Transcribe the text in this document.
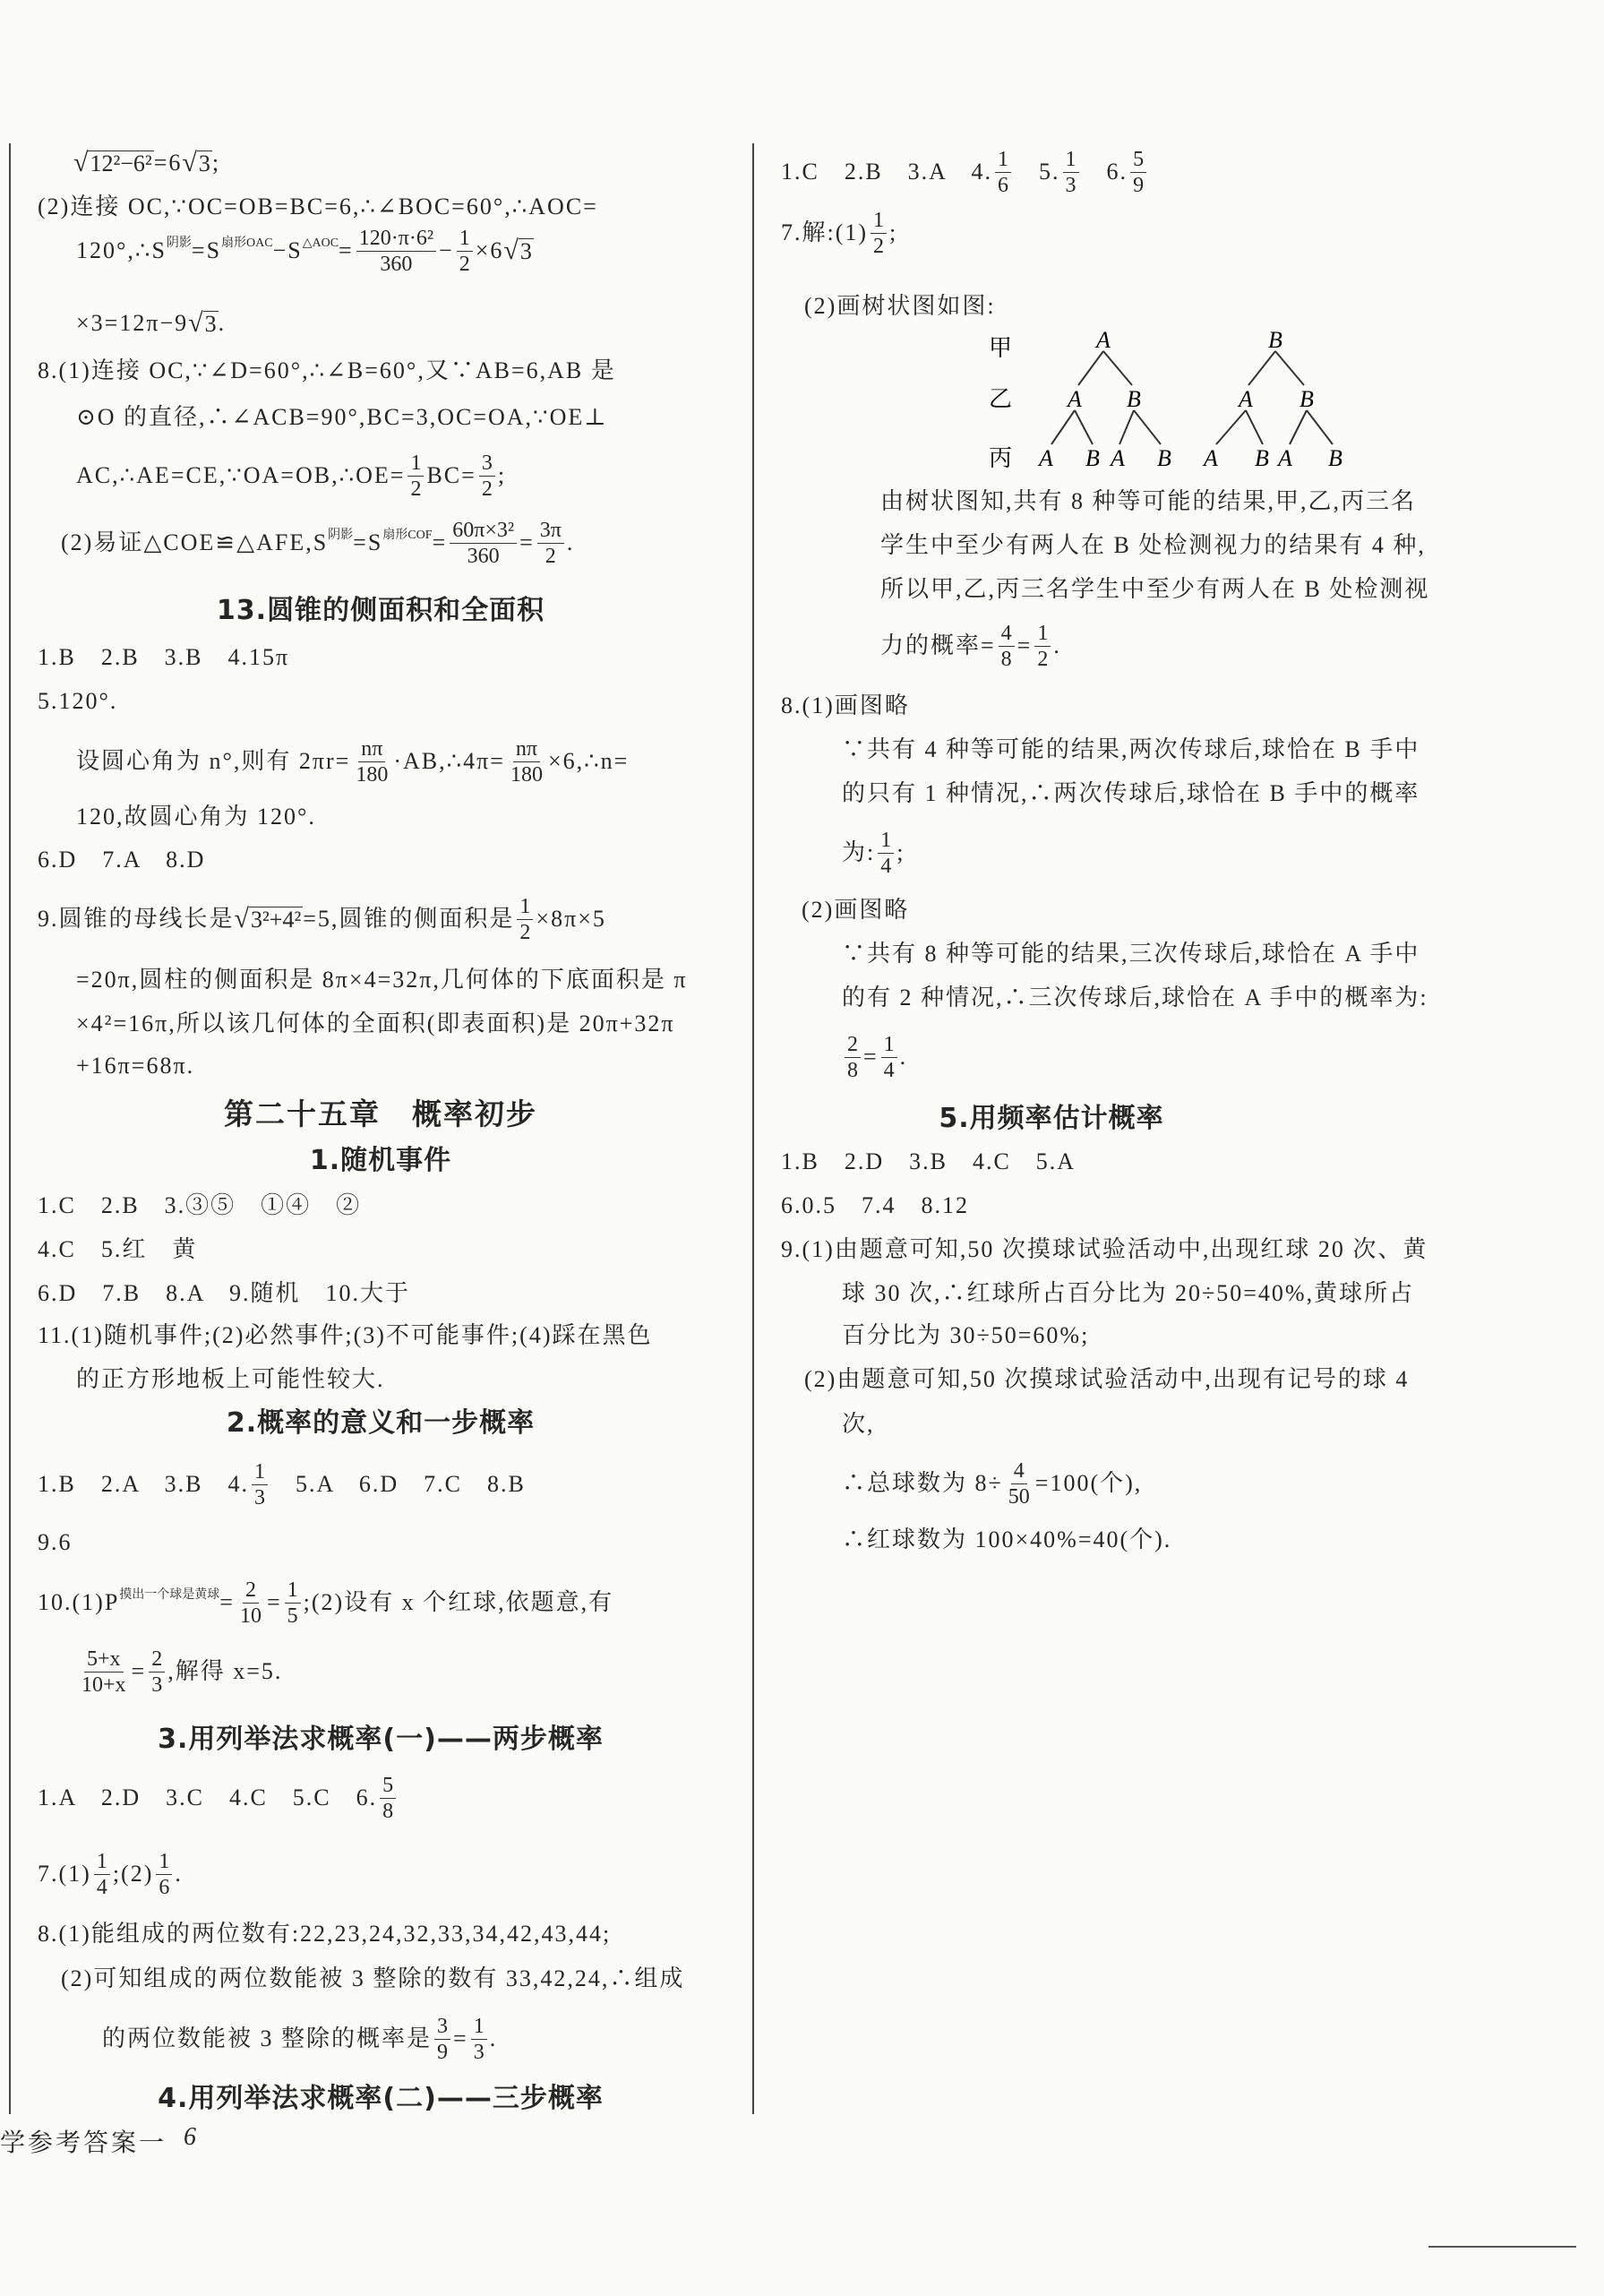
√ 12²−6² =6 √ 3 ;
(2)连接 OC,∵OC=OB=BC=6,∴∠BOC=60°,∴AOC=
120°,∴S 阴影 =S 扇形OAC −S △AOC = $\frac{\text{120·π·6²}}{360} - \frac{1}{2} \times 6$ √ 3
×3=12π−9 √ 3 .
8.(1)连接 OC,∵∠D=60°,∴∠B=60°,又∵AB=6,AB 是
⊙O 的直径,∴∠ACB=90°,BC=3,OC=OA,∵OE⊥
AC,∴AE=CE,∵OA=OB,∴OE= $\frac{1}{2} BC= \frac{3}{2}$ ;
(2)易证△COE≌△AFE,S 阴影 =S 扇形COF = $\frac{\text{60π×3²}}{360} = \frac{3\pi}{2}$ .
13.圆锥的侧面积和全面积
1.B　2.B　3.B　4.15π
5.120°.
设圆心角为 n°,则有 $2\pi r= \frac{n\pi}{180}$ ·AB,∴4π= $\frac{n\pi}{180}$ ×6,∴n=
120,故圆心角为 120°.
6.D　7.A　8.D
9.圆锥的母线长是 √ 3²+4² =5,圆锥的侧面积是 $\frac{1}{2} \times 8\pi\times 5$
=20π,圆柱的侧面积是 8π×4=32π,几何体的下底面积是 π
×4²=16π,所以该几何体的全面积(即表面积)是 20π+32π
+16π=68π.
第二十五章　概率初步
1.随机事件
1.C　2.B　3.③⑤　①④　②
4.C　5.红　黄
6.D　7.B　8.A　9.随机　10.大于
11.(1)随机事件;(2)必然事件;(3)不可能事件;(4)踩在黑色
的正方形地板上可能性较大.
2.概率的意义和一步概率
1.B　2.A　3.B　4. $\frac{1}{3}$ 　5.A　6.D　7.C　8.B
9.6
10.(1)P 摸出一个球是黄球 = $\frac{2}{10} = \frac{1}{5}$ ;(2)设有 x 个红球,依题意,有
$\frac{5+x}{10+x} = \frac{2}{3}$ ,解得 x=5.
3.用列举法求概率(一)——两步概率
1.A　2.D　3.C　4.C　5.C　6. $\frac{5}{8}$
$7.(1) \frac{1}{4}$ ;(2) $\frac{1}{6}$ .
8.(1)能组成的两位数有:22,23,24,32,33,34,42,43,44;
(2)可知组成的两位数能被 3 整除的数有 33,42,24,∴组成
的两位数能被 3 整除的概率是 $\frac{3}{9} = \frac{1}{3}$ .
4.用列举法求概率(二)——三步概率
1.C　2.B　3.A　4. $\frac{1}{6}$ 　5. $\frac{1}{3}$ 　6. $\frac{5}{9}$
7.解:(1) $\frac{1}{2}$ ;
(2)画树状图如图:
由树状图知,共有 8 种等可能的结果,甲,乙,丙三名
学生中至少有两人在 B 处检测视力的结果有 4 种,
所以甲,乙,丙三名学生中至少有两人在 B 处检测视
力的概率= $\frac{4}{8} = \frac{1}{2}$ .
8.(1)画图略
∵共有 4 种等可能的结果,两次传球后,球恰在 B 手中
的只有 1 种情况,∴两次传球后,球恰在 B 手中的概率
为: $\frac{1}{4}$ ;
(2)画图略
∵共有 8 种等可能的结果,三次传球后,球恰在 A 手中
的有 2 种情况,∴三次传球后,球恰在 A 手中的概率为:
$\frac{2}{8} = \frac{1}{4}$ .
5.用频率估计概率
1.B　2.D　3.B　4.C　5.A
6.0.5　7.4　8.12
9.(1)由题意可知,50 次摸球试验活动中,出现红球 20 次、黄
球 30 次,∴红球所占百分比为 20÷50=40%,黄球所占
百分比为 30÷50=60%;
(2)由题意可知,50 次摸球试验活动中,出现有记号的球 4
次,
∴总球数为 $8\div \frac{4}{50} =100$(个),
∴红球数为 100×40%=40(个).
甲
乙
丙
A	B
A B	A B
A B A B A B A B
学参考答案一 6
